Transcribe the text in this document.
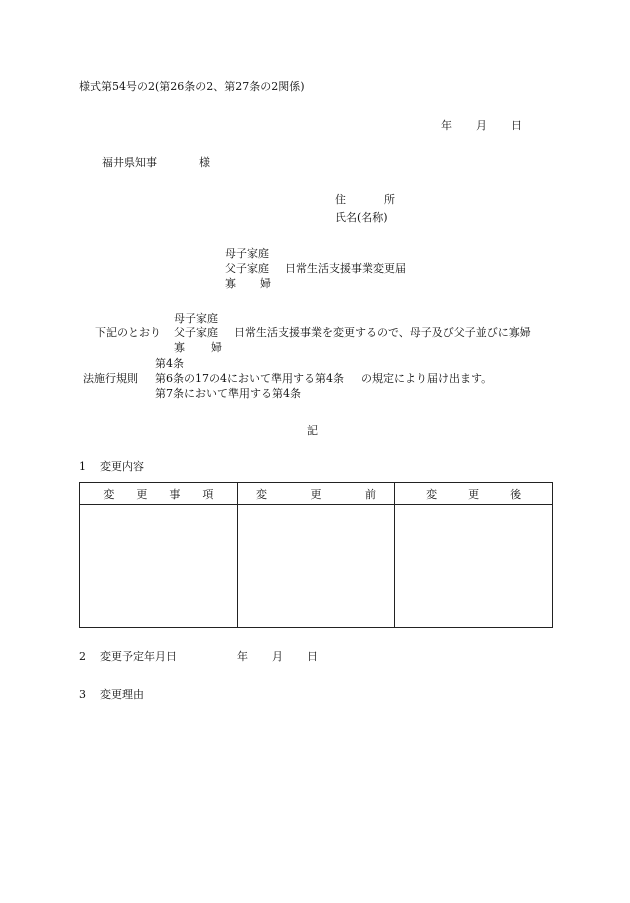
様式第54号の2(第26条の2、第27条の2関係)
年 月 日
福井県知事	様
住	所
氏名(名称)
母子家庭
父子家庭 日常生活支援事業変更届
寡 婦
母子家庭
下記のとおり 父子家庭 日常生活支援事業を変更するので、母子及び父子並びに寡婦
寡 婦
第4条
法施行規則 第6条の17の4において準用する第4条 の規定により届け出ます。
第7条において準用する第4条
記
1 変更内容
変 更 事 項	変 更 前	変 更 後

2 変更予定年月日	年 月 日
3 変更理由
